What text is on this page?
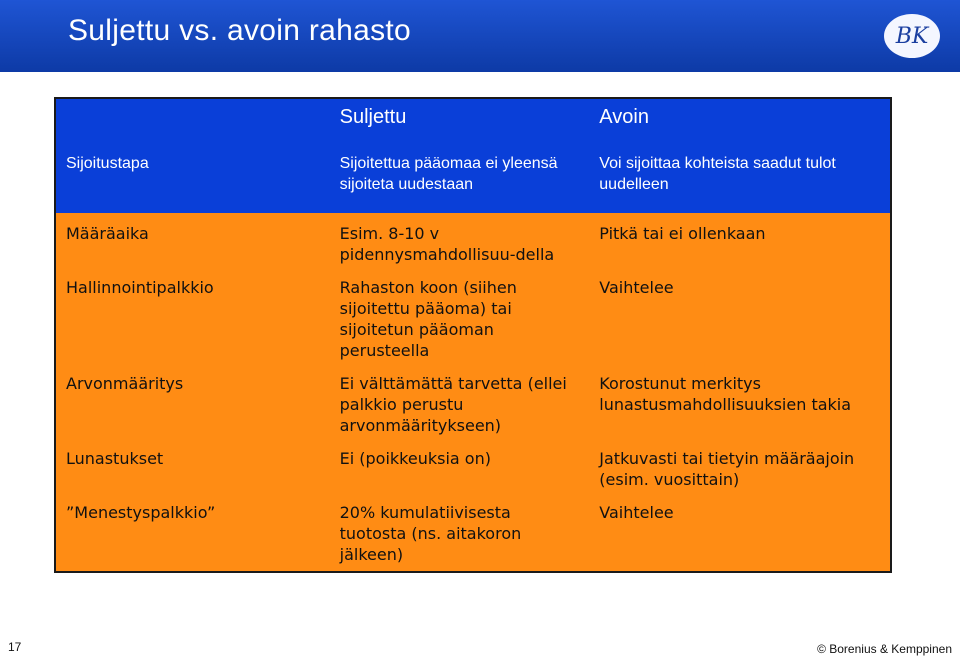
Suljettu vs. avoin rahasto	BK
	Suljettu	Avoin
Sijoitustapa	Sijoitettua pääomaa ei yleensä sijoiteta uudestaan	Voi sijoittaa kohteista saadut tulot uudelleen
Määräaika	Esim. 8-10 v pidennysmahdollisuu-della	Pitkä tai ei ollenkaan
Hallinnointipalkkio	Rahaston koon (siihen sijoitettu pääoma) tai sijoitetun pääoman perusteella	Vaihtelee
Arvonmääritys	Ei välttämättä tarvetta (ellei palkkio perustu arvonmääritykseen)	Korostunut merkitys lunastusmahdollisuuksien takia
Lunastukset	Ei (poikkeuksia on)	Jatkuvasti tai tietyin määräajoin (esim. vuosittain)
”Menestyspalkkio”	20% kumulatiivisesta tuotosta (ns. aitakoron jälkeen)	Vaihtelee
17	© Borenius & Kemppinen
